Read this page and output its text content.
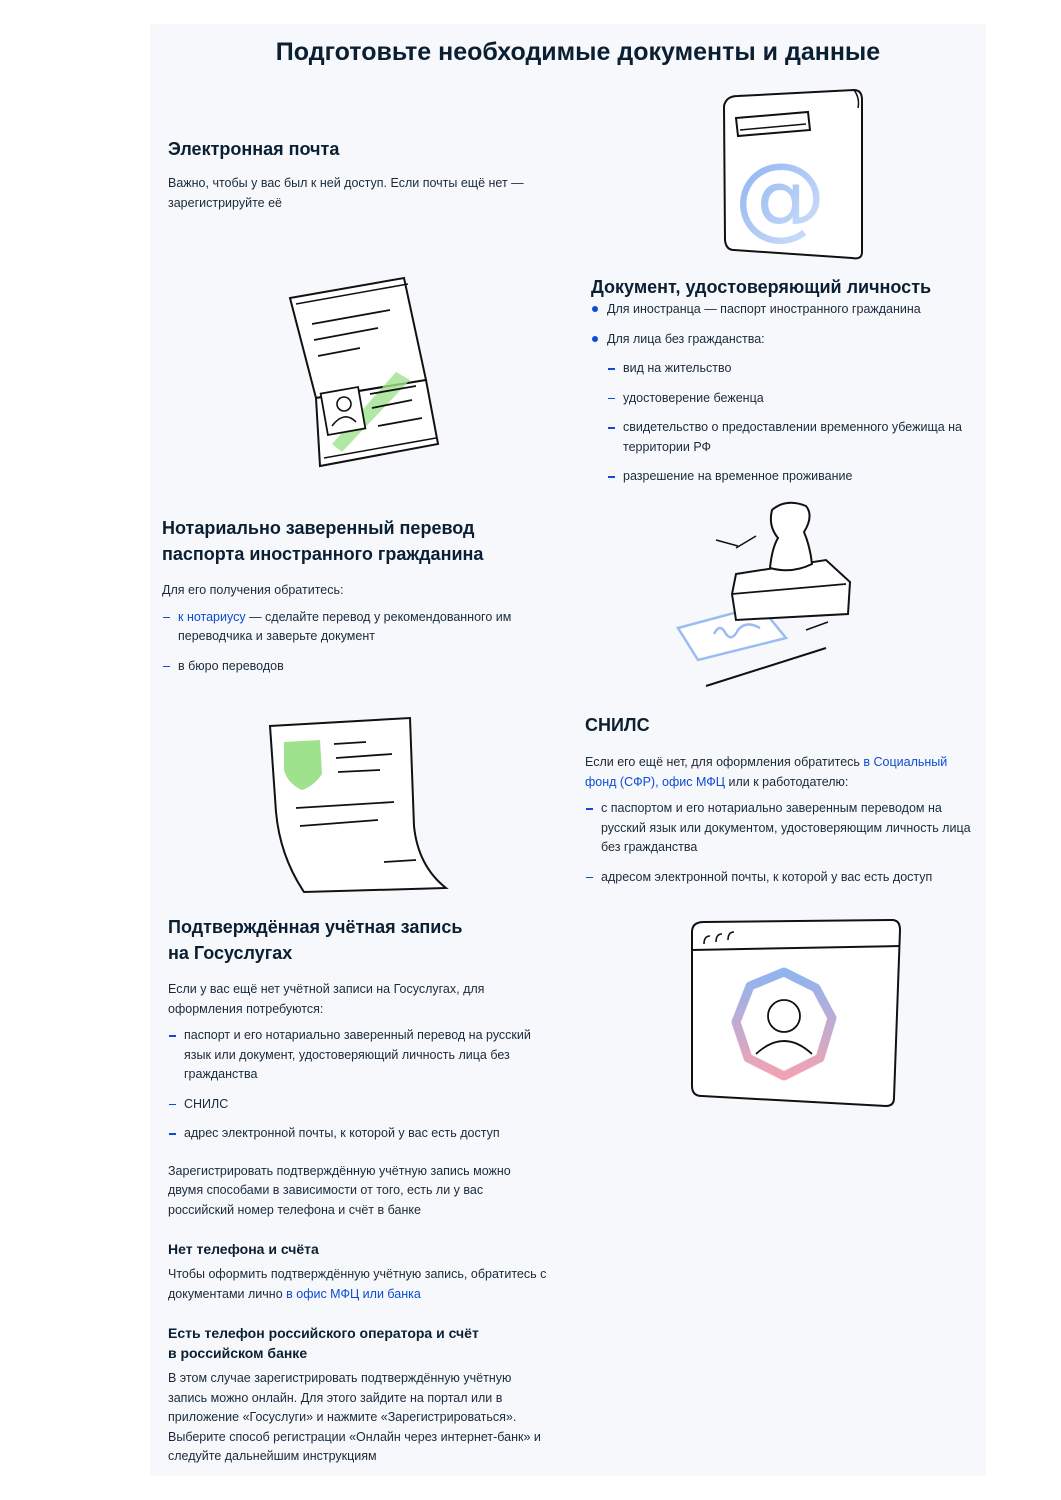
Подготовьте необходимые документы и данные
Электронная почта

Важно, чтобы у вас был к ней доступ. Если почты ещё нет — зарегистрируйте её	@
Документ, удостоверяющий личность
Для иностранца — паспорт иностранного гражданина
Для лица без гражданства:
вид на жительство
удостоверение беженца
свидетельство о предоставлении временного убежища на территории РФ
разрешение на временное проживание
Нотариально заверенный перевод паспорта иностранного гражданина

Для его получения обратитесь:

к нотариусу — сделайте перевод у рекомендованного им переводчика и заверьте документ
в бюро переводов
СНИЛС

Если его ещё нет, для оформления обратитесь в Социальный фонд (СФР), офис МФЦ или к работодателю:

с паспортом и его нотариально заверенным переводом на русский язык или документом, удостоверяющим личность лица без гражданства
адресом электронной почты, к которой у вас есть доступ
Подтверждённая учётная запись на Госуслугах

Если у вас ещё нет учётной записи на Госуслугах, для оформления потребуются:

паспорт и его нотариально заверенный перевод на русский язык или документ, удостоверяющий личность лица без гражданства
СНИЛС
адрес электронной почты, к которой у вас есть доступ

Зарегистрировать подтверждённую учётную запись можно двумя способами в зависимости от того, есть ли у вас российский номер телефона и счёт в банке

Нет телефона и счёта

Чтобы оформить подтверждённую учётную запись, обратитесь с документами лично в офис МФЦ или банка

Есть телефон российского оператора и счёт в российском банке

В этом случае зарегистрировать подтверждённую учётную запись можно онлайн. Для этого зайдите на портал или в приложение «Госуслуги» и нажмите «Зарегистрироваться». Выберите способ регистрации «Онлайн через интернет-банк» и следуйте дальнейшим инструкциям
